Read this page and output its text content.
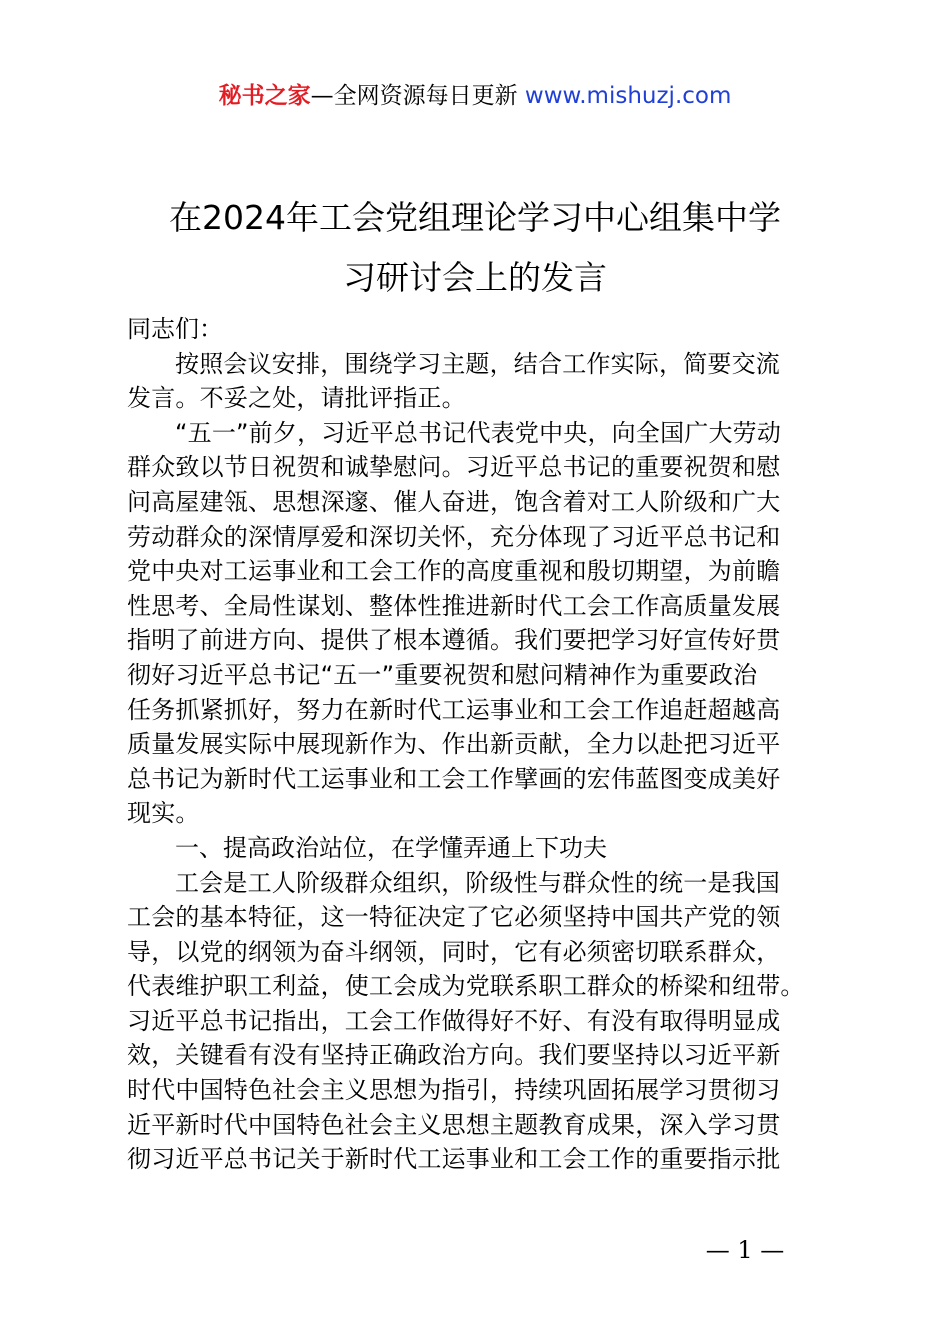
秘书之家—全网资源每日更新 www.mishuzj.com
在2024年工会党组理论学习中心组集中学
习研讨会上的发言

同志们：

按照会议安排，围绕学习主题，结合工作实际，简要交流
发言。不妥之处，请批评指正。
“五一”前夕，习近平总书记代表党中央，向全国广大劳动
群众致以节日祝贺和诚挚慰问。习近平总书记的重要祝贺和慰
问高屋建瓴、思想深邃、催人奋进，饱含着对工人阶级和广大
劳动群众的深情厚爱和深切关怀，充分体现了习近平总书记和
党中央对工运事业和工会工作的高度重视和殷切期望，为前瞻
性思考、全局性谋划、整体性推进新时代工会工作高质量发展
指明了前进方向、提供了根本遵循。我们要把学习好宣传好贯
彻好习近平总书记“五一”重要祝贺和慰问精神作为重要政治
任务抓紧抓好，努力在新时代工运事业和工会工作追赶超越高
质量发展实际中展现新作为、作出新贡献，全力以赴把习近平
总书记为新时代工运事业和工会工作擘画的宏伟蓝图变成美好
现实。

一、提高政治站位，在学懂弄通上下功夫

工会是工人阶级群众组织，阶级性与群众性的统一是我国
工会的基本特征，这一特征决定了它必须坚持中国共产党的领
导，以党的纲领为奋斗纲领，同时，它有必须密切联系群众，
代表维护职工利益，使工会成为党联系职工群众的桥梁和纽带。
习近平总书记指出，工会工作做得好不好、有没有取得明显成
效，关键看有没有坚持正确政治方向。我们要坚持以习近平新
时代中国特色社会主义思想为指引，持续巩固拓展学习贯彻习
近平新时代中国特色社会主义思想主题教育成果，深入学习贯
彻习近平总书记关于新时代工运事业和工会工作的重要指示批
— 1 —
